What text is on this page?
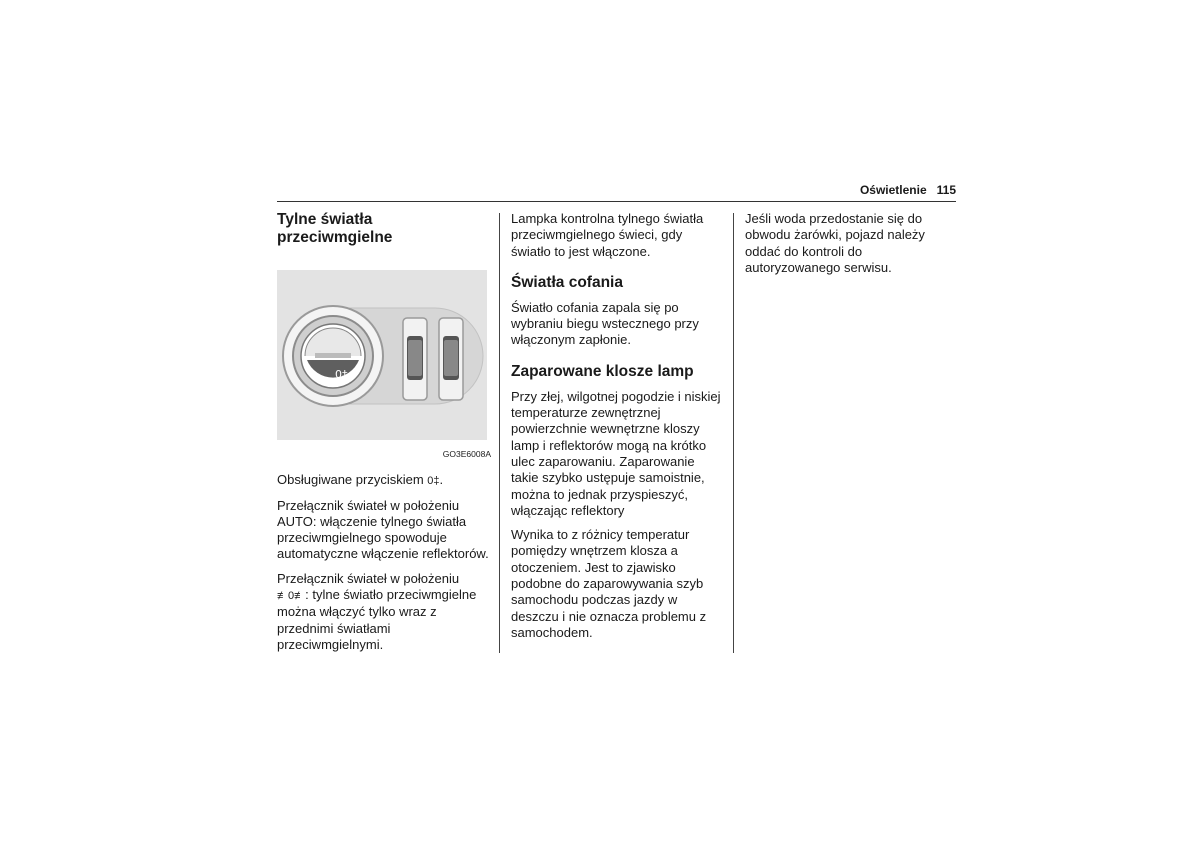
Oświetlenie 115
Tylne światła przeciwmgielne
0‡

GO3E6008A

Obsługiwane przyciskiem 0‡.

Przełącznik świateł w położeniu AUTO: włączenie tylnego światła przeciwmgielnego spowoduje automatyczne włączenie reflektorów.

Przełącznik świateł w położeniu ≢0≢: tylne światło przeciwmgielne można włączyć tylko wraz z przednimi światłami przeciwmgielnymi.

Lampka kontrolna tylnego światła przeciwmgielnego świeci, gdy światło to jest włączone.

Światła cofania

Światło cofania zapala się po wybraniu biegu wstecznego przy włączonym zapłonie.

Zaparowane klosze lamp

Przy złej, wilgotnej pogodzie i niskiej temperaturze zewnętrznej powierzchnie wewnętrzne kloszy lamp i reflektorów mogą na krótko ulec zaparowaniu. Zaparowanie takie szybko ustępuje samoistnie, można to jednak przyspieszyć, włączając reflektory

Wynika to z różnicy temperatur pomiędzy wnętrzem klosza a otoczeniem. Jest to zjawisko podobne do zaparowywania szyb samochodu podczas jazdy w deszczu i nie oznacza problemu z samochodem.

Jeśli woda przedostanie się do obwodu żarówki, pojazd należy oddać do kontroli do autoryzowanego serwisu.
